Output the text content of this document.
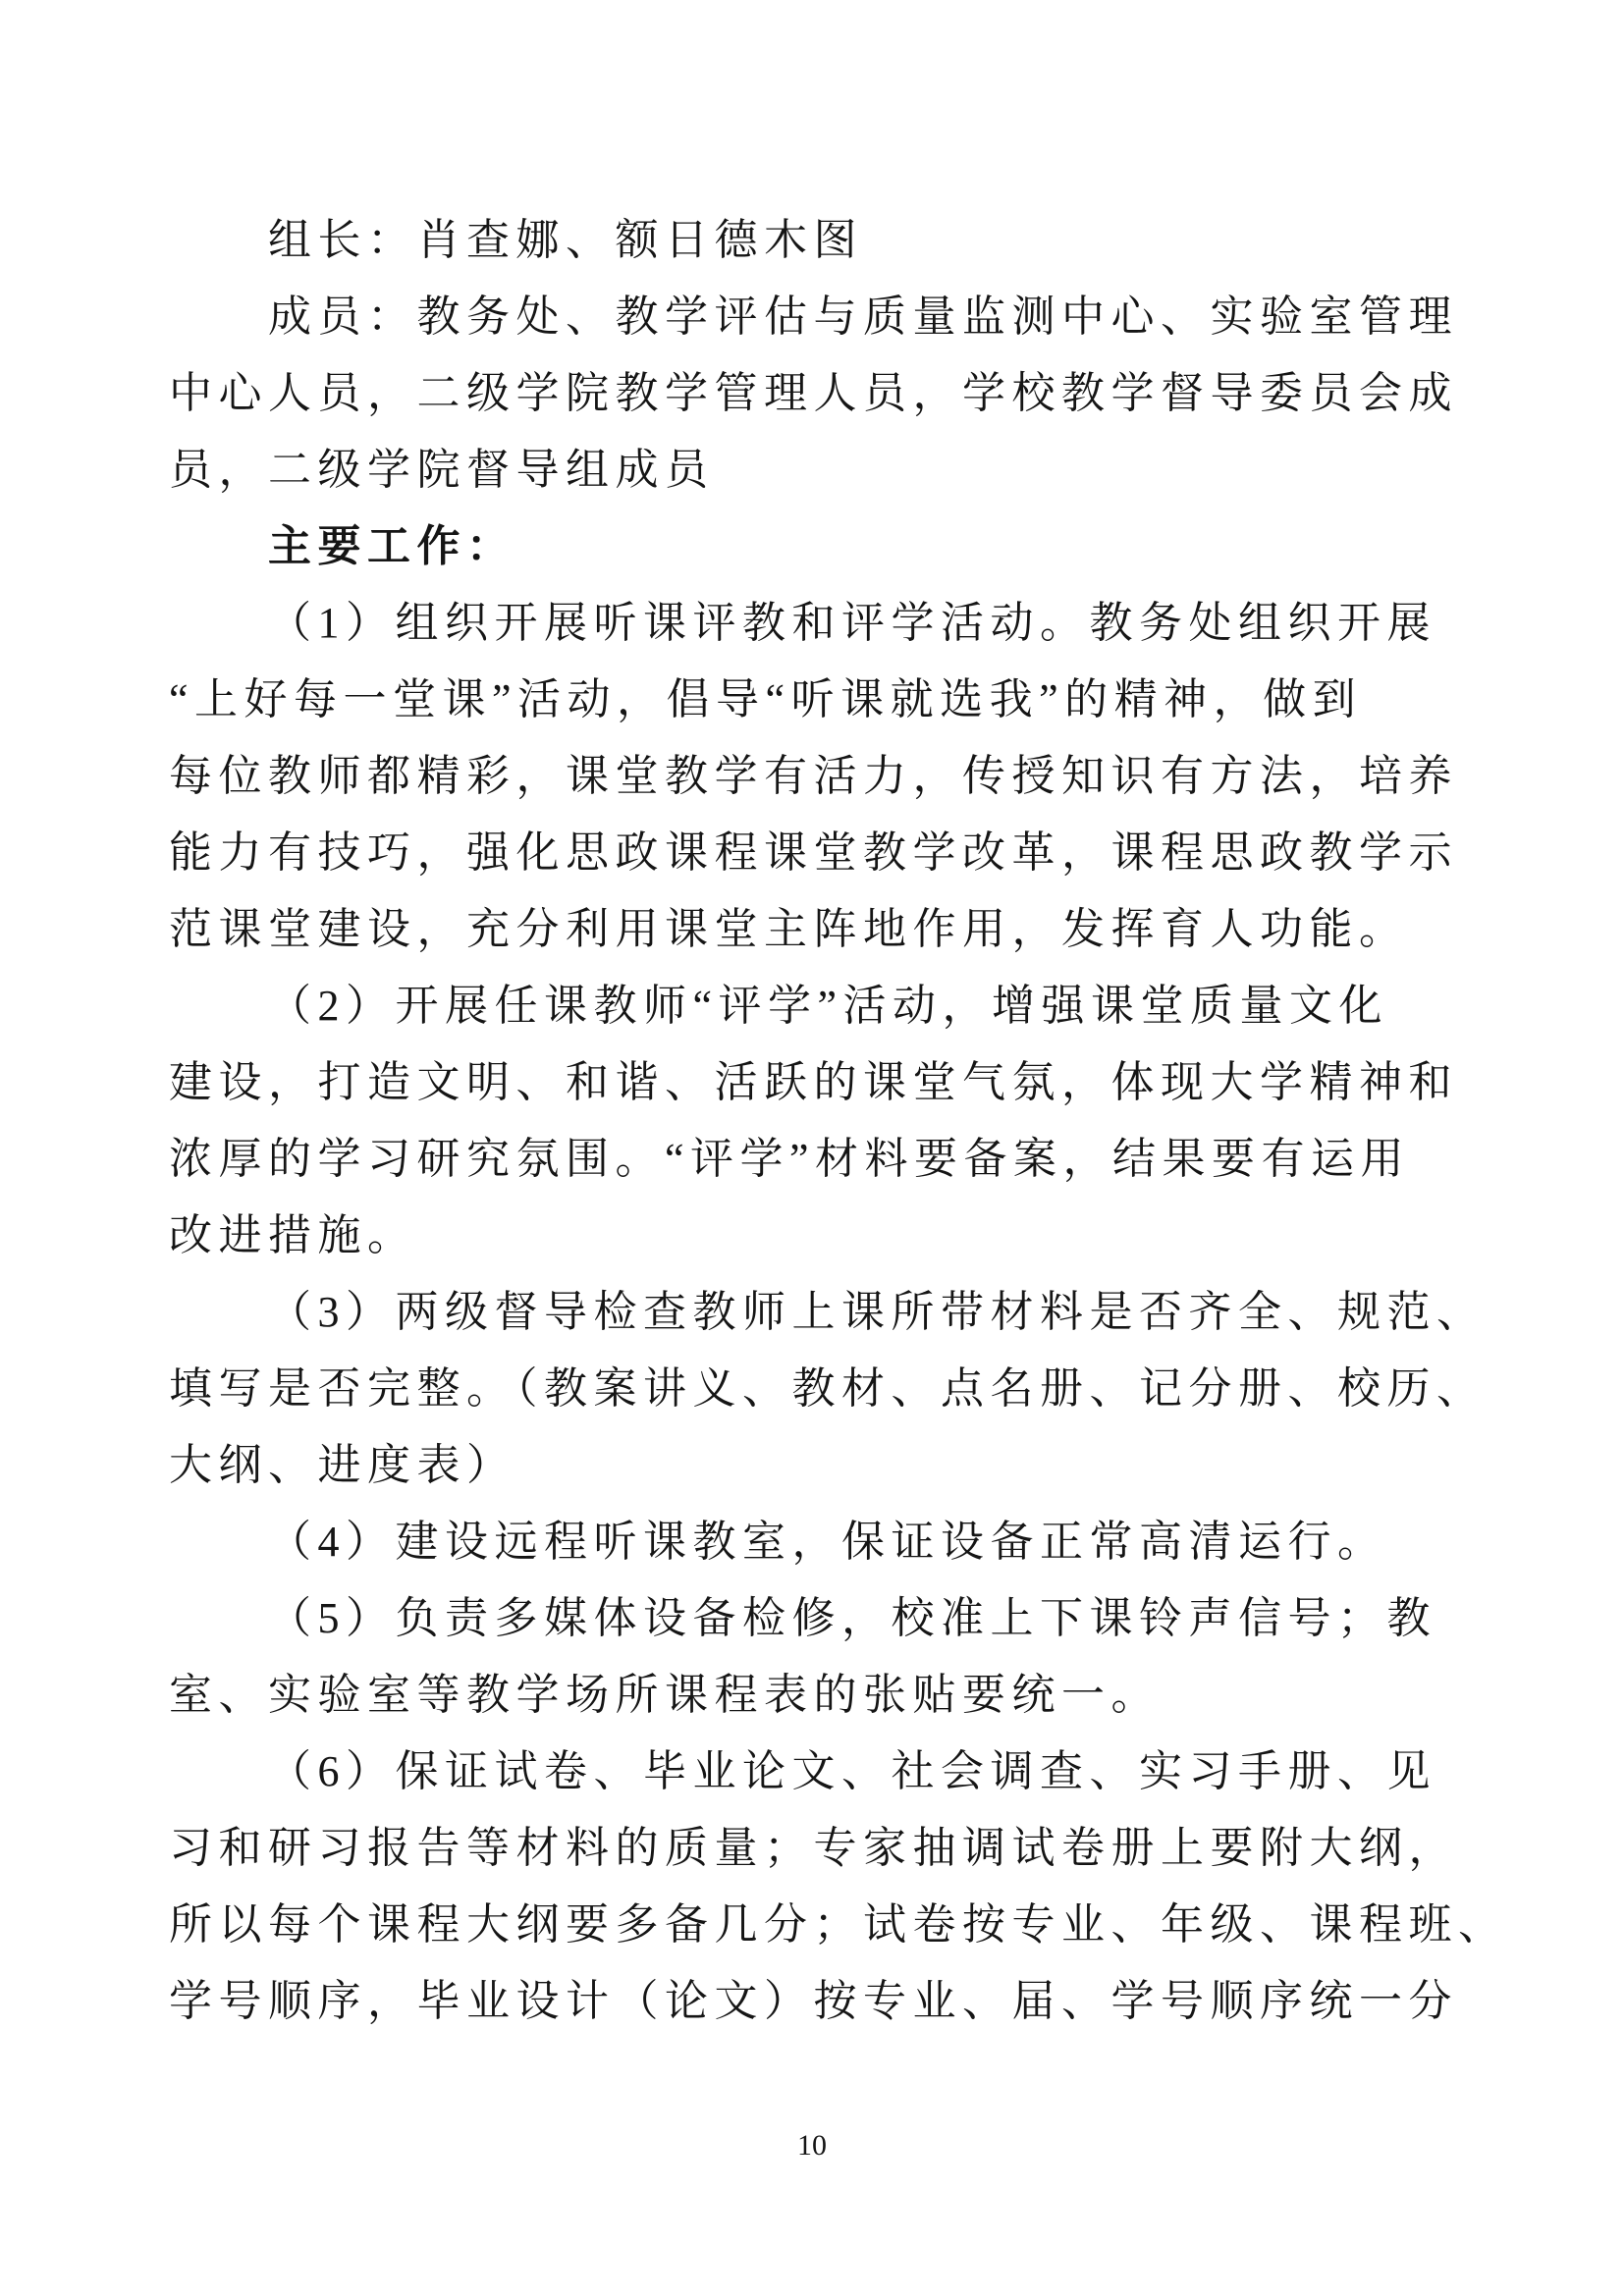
组长：肖查娜、额日德木图
成员：教务处、教学评估与质量监测中心、实验室管理
中心人员，二级学院教学管理人员，学校教学督导委员会成
员，二级学院督导组成员
主要工作：
（1）组织开展听课评教和评学活动。教务处组织开展
“上好每一堂课”活动，倡导“听课就选我”的精神，做到
每位教师都精彩，课堂教学有活力，传授知识有方法，培养
能力有技巧，强化思政课程课堂教学改革，课程思政教学示
范课堂建设，充分利用课堂主阵地作用，发挥育人功能。
（2）开展任课教师“评学”活动，增强课堂质量文化
建设，打造文明、和谐、活跃的课堂气氛，体现大学精神和
浓厚的学习研究氛围。“评学”材料要备案，结果要有运用
改进措施。
（3）两级督导检查教师上课所带材料是否齐全、规范、
填写是否完整。（教案讲义、教材、点名册、记分册、校历、
大纲、进度表）
（4）建设远程听课教室，保证设备正常高清运行。
（5）负责多媒体设备检修，校准上下课铃声信号；教
室、实验室等教学场所课程表的张贴要统一。
（6）保证试卷、毕业论文、社会调查、实习手册、见
习和研习报告等材料的质量；专家抽调试卷册上要附大纲，
所以每个课程大纲要多备几分；试卷按专业、年级、课程班、
学号顺序，毕业设计（论文）按专业、届、学号顺序统一分
10
